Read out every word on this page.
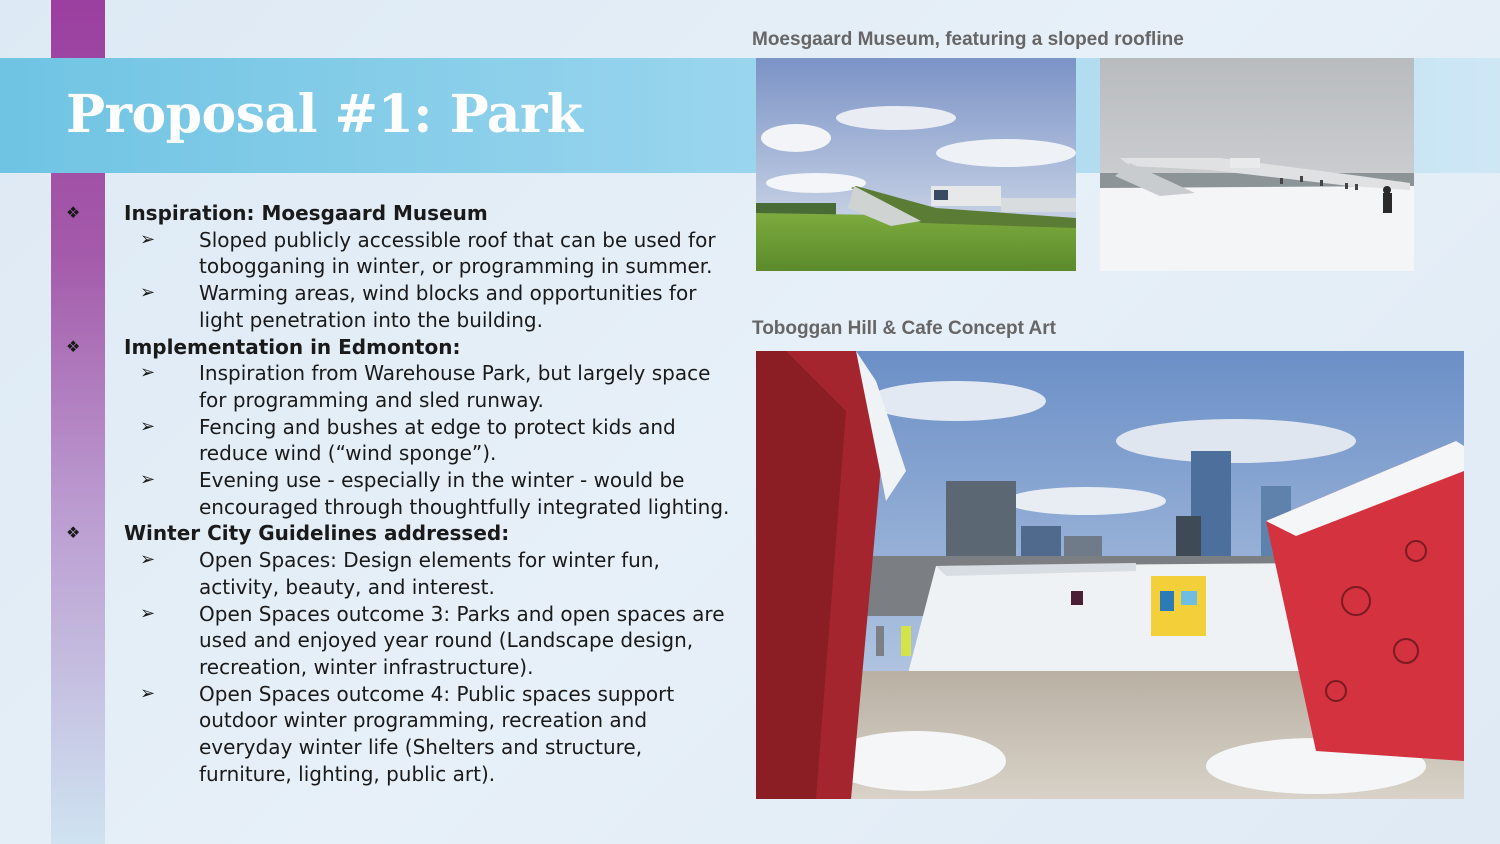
Proposal #1: Park
❖ Inspiration: Moesgaard Museum
➢ Sloped publicly accessible roof that can be used for tobogganing in winter, or programming in summer.
➢ Warming areas, wind blocks and opportunities for light penetration into the building.
❖ Implementation in Edmonton:
➢ Inspiration from Warehouse Park, but largely space for programming and sled runway.
➢ Fencing and bushes at edge to protect kids and reduce wind (“wind sponge”).
➢ Evening use - especially in the winter - would be encouraged through thoughtfully integrated lighting.
❖ Winter City Guidelines addressed:
➢ Open Spaces: Design elements for winter fun, activity, beauty, and interest.
➢ Open Spaces outcome 3: Parks and open spaces are used and enjoyed year round (Landscape design, recreation, winter infrastructure).
➢ Open Spaces outcome 4: Public spaces support outdoor winter programming, recreation and everyday winter life (Shelters and structure, furniture, lighting, public art).
Moesgaard Museum, featuring a sloped roofline
Toboggan Hill & Cafe Concept Art
